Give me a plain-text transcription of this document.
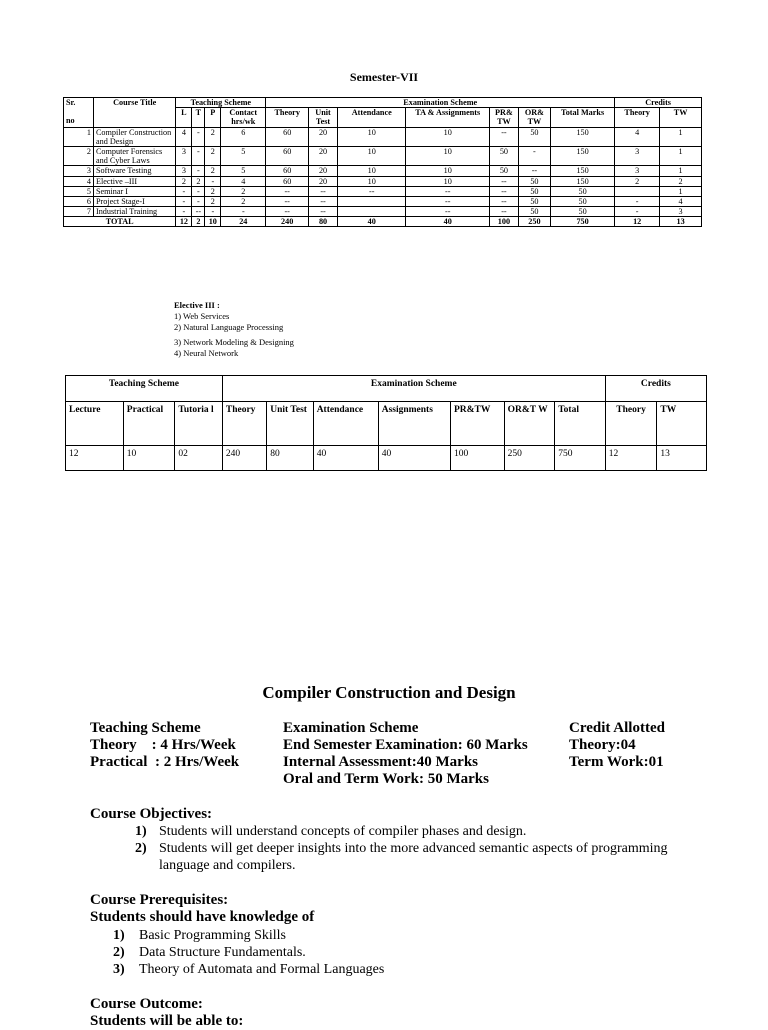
Semester-VII
Sr.

no	Course Title	Teaching Scheme				Examination Scheme							Credits	
		L	T	P	Contact hrs/wk	Theory	Unit Test	Attendance	TA & Assignments	PR& TW	OR& TW	Total Marks	Theory	TW
1	Compiler Construction and Design	4	-	2	6	60	20	10	10	--	50	150	4	1
2	Computer Forensics and Cyber Laws	3	-	2	5	60	20	10	10	50	-	150	3	1
3	Software Testing	3	-	2	5	60	20	10	10	50	--	150	3	1
4	Elective –III	2	2	-	4	60	20	10	10	--	50	150	2	2
5	Seminar I	-	-	2	2	--	--	--	--	--	50	50		1
6	Project Stage-I	-	-	2	2	--	--		--	--	50	50	-	4
7	Industrial Training	-	--	-	-	--	--		--	--	50	50	-	3
TOTAL		12	2	10	24	240	80	40	40	100	250	750	12	13
Elective III :
1) Web Services
2) Natural Language Processing
3) Network Modeling & Designing
4) Neural Network
Teaching Scheme			Examination Scheme							Credits	
Lecture	Practical	Tutoria l	Theory	Unit Test	Attendance	Assignments	PR&TW	OR&T W	Total	Theory	TW
12	10	02	240	80	40	40	100	250	750	12	13
Compiler Construction and Design
Teaching Scheme
Theory    : 4 Hrs/Week
Practical  : 2 Hrs/Week
Examination Scheme
End Semester Examination: 60 Marks
Internal Assessment:40 Marks
Oral and Term Work: 50 Marks
Credit Allotted
Theory:04
Term Work:01
Course Objectives:
1) Students will understand concepts of compiler phases and design.
2) Students will get deeper insights into the more advanced semantic aspects of programming language and compilers.
Course Prerequisites:
Students should have knowledge of
1) Basic Programming Skills
2) Data Structure Fundamentals.
3) Theory of Automata and Formal Languages
Course Outcome:
Students will be able to:
